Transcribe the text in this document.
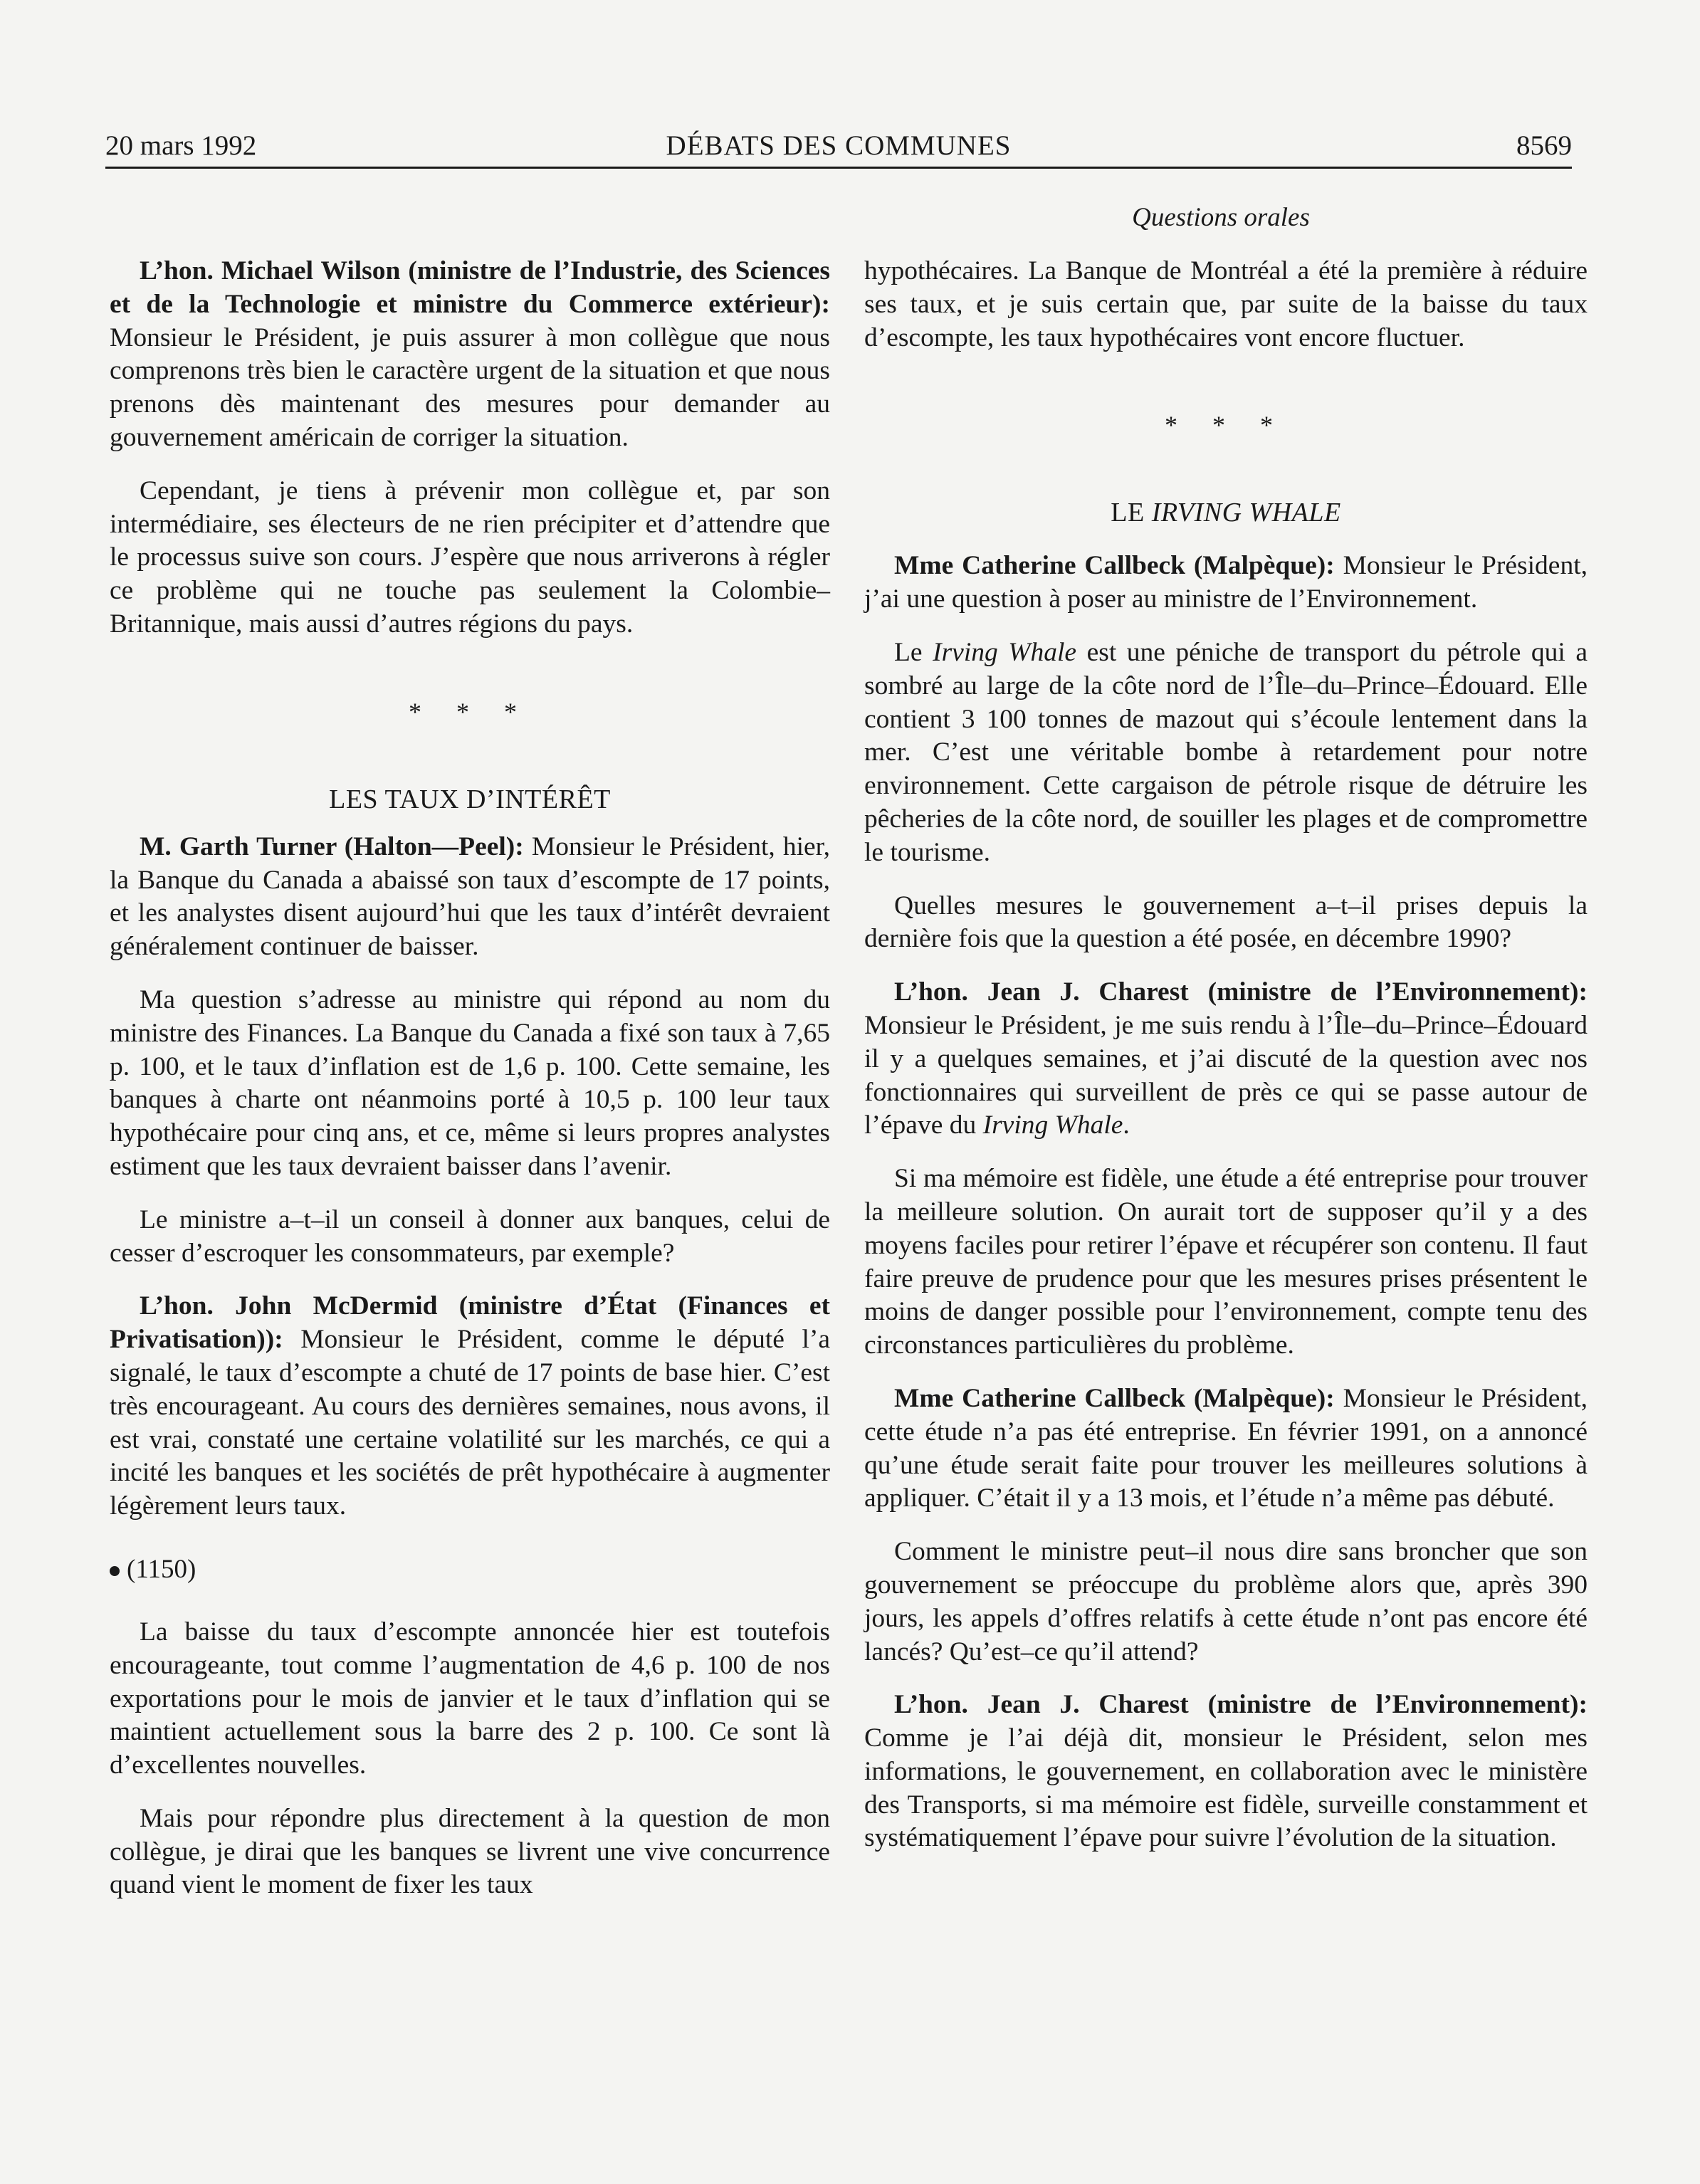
20 mars 1992	DÉBATS DES COMMUNES	8569
Questions orales

L’hon. Michael Wilson (ministre de l’Industrie, des Sciences et de la Technologie et ministre du Commerce extérieur): Monsieur le Président, je puis assurer à mon collègue que nous comprenons très bien le caractère urgent de la situation et que nous prenons dès maintenant des mesures pour demander au gouvernement américain de corriger la situation.

Cependant, je tiens à prévenir mon collègue et, par son intermédiaire, ses électeurs de ne rien précipiter et d’attendre que le processus suive son cours. J’espère que nous arriverons à régler ce problème qui ne touche pas seulement la Colombie–Britannique, mais aussi d’autres régions du pays.

* * *
LES TAUX D’INTÉRÊT

M. Garth Turner (Halton—Peel): Monsieur le Président, hier, la Banque du Canada a abaissé son taux d’escompte de 17 points, et les analystes disent aujourd’hui que les taux d’intérêt devraient généralement continuer de baisser.

Ma question s’adresse au ministre qui répond au nom du ministre des Finances. La Banque du Canada a fixé son taux à 7,65 p. 100, et le taux d’inflation est de 1,6 p. 100. Cette semaine, les banques à charte ont néanmoins porté à 10,5 p. 100 leur taux hypothécaire pour cinq ans, et ce, même si leurs propres analystes estiment que les taux devraient baisser dans l’avenir.

Le ministre a–t–il un conseil à donner aux banques, celui de cesser d’escroquer les consommateurs, par exemple?

L’hon. John McDermid (ministre d’État (Finances et Privatisation)): Monsieur le Président, comme le député l’a signalé, le taux d’escompte a chuté de 17 points de base hier. C’est très encourageant. Au cours des dernières semaines, nous avons, il est vrai, constaté une certaine volatilité sur les marchés, ce qui a incité les banques et les sociétés de prêt hypothécaire à augmenter légèrement leurs taux.

(1150)

La baisse du taux d’escompte annoncée hier est toutefois encourageante, tout comme l’augmentation de 4,6 p. 100 de nos exportations pour le mois de janvier et le taux d’inflation qui se maintient actuellement sous la barre des 2 p. 100. Ce sont là d’excellentes nouvelles.

Mais pour répondre plus directement à la question de mon collègue, je dirai que les banques se livrent une vive concurrence quand vient le moment de fixer les taux

hypothécaires. La Banque de Montréal a été la première à réduire ses taux, et je suis certain que, par suite de la baisse du taux d’escompte, les taux hypothécaires vont encore fluctuer.

* * *
LE IRVING WHALE

Mme Catherine Callbeck (Malpèque): Monsieur le Président, j’ai une question à poser au ministre de l’Environnement.

Le Irving Whale est une péniche de transport du pétrole qui a sombré au large de la côte nord de l’Île–du–Prince–Édouard. Elle contient 3 100 tonnes de mazout qui s’écoule lentement dans la mer. C’est une véritable bombe à retardement pour notre environnement. Cette cargaison de pétrole risque de détruire les pêcheries de la côte nord, de souiller les plages et de compromettre le tourisme.

Quelles mesures le gouvernement a–t–il prises depuis la dernière fois que la question a été posée, en décembre 1990?

L’hon. Jean J. Charest (ministre de l’Environnement): Monsieur le Président, je me suis rendu à l’Île–du–Prince–Édouard il y a quelques semaines, et j’ai discuté de la question avec nos fonctionnaires qui surveillent de près ce qui se passe autour de l’épave du Irving Whale.

Si ma mémoire est fidèle, une étude a été entreprise pour trouver la meilleure solution. On aurait tort de supposer qu’il y a des moyens faciles pour retirer l’épave et récupérer son contenu. Il faut faire preuve de prudence pour que les mesures prises présentent le moins de danger possible pour l’environnement, compte tenu des circonstances particulières du problème.

Mme Catherine Callbeck (Malpèque): Monsieur le Président, cette étude n’a pas été entreprise. En février 1991, on a annoncé qu’une étude serait faite pour trouver les meilleures solutions à appliquer. C’était il y a 13 mois, et l’étude n’a même pas débuté.

Comment le ministre peut–il nous dire sans broncher que son gouvernement se préoccupe du problème alors que, après 390 jours, les appels d’offres relatifs à cette étude n’ont pas encore été lancés? Qu’est–ce qu’il attend?

L’hon. Jean J. Charest (ministre de l’Environnement): Comme je l’ai déjà dit, monsieur le Président, selon mes informations, le gouvernement, en collaboration avec le ministère des Transports, si ma mémoire est fidèle, surveille constamment et systématiquement l’épave pour suivre l’évolution de la situation.
